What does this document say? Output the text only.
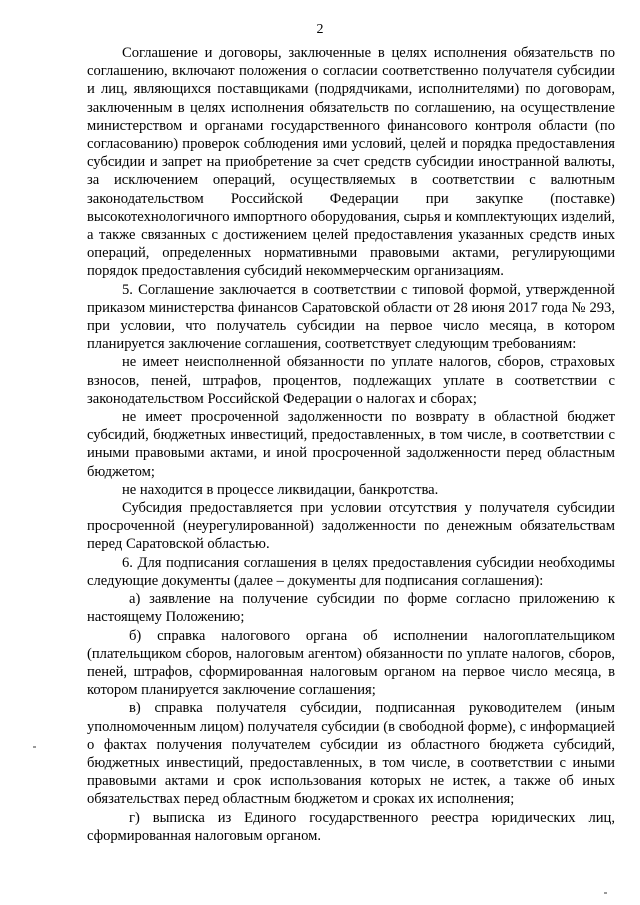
2

Соглашение и договоры, заключенные в целях исполнения обязательств по соглашению, включают положения о согласии соответственно получателя субсидии и лиц, являющихся поставщиками (подрядчиками, исполнителями) по договорам, заключенным в целях исполнения обязательств по соглашению, на осуществление министерством и органами государственного финансового контроля области (по согласованию) проверок соблюдения ими условий, целей и порядка предоставления субсидии и запрет на приобретение за счет средств субсидии иностранной валюты, за исключением операций, осуществляемых в соответствии с валютным законодательством Российской Федерации при закупке (поставке) высокотехнологичного импортного оборудования, сырья и комплектующих изделий, а также связанных с достижением целей предоставления указанных средств иных операций, определенных нормативными правовыми актами, регулирующими порядок предоставления субсидий некоммерческим организациям.

5. Соглашение заключается в соответствии с типовой формой, утвержденной приказом министерства финансов Саратовской области от 28 июня 2017 года № 293, при условии, что получатель субсидии на первое число месяца, в котором планируется заключение соглашения, соответствует следующим требованиям:

не имеет неисполненной обязанности по уплате налогов, сборов, страховых взносов, пеней, штрафов, процентов, подлежащих уплате в соответствии с законодательством Российской Федерации о налогах и сборах;

не имеет просроченной задолженности по возврату в областной бюджет субсидий, бюджетных инвестиций, предоставленных, в том числе, в соответствии с иными правовыми актами, и иной просроченной задолженности перед областным бюджетом;

не находится в процессе ликвидации, банкротства.

Субсидия предоставляется при условии отсутствия у получателя субсидии просроченной (неурегулированной) задолженности по денежным обязательствам перед Саратовской областью.

6. Для подписания соглашения в целях предоставления субсидии необходимы следующие документы (далее – документы для подписания соглашения):

а) заявление на получение субсидии по форме согласно приложению к настоящему Положению;

б) справка налогового органа об исполнении налогоплательщиком (плательщиком сборов, налоговым агентом) обязанности по уплате налогов, сборов, пеней, штрафов, сформированная налоговым органом на первое число месяца, в котором планируется заключение соглашения;

в) справка получателя субсидии, подписанная руководителем (иным уполномоченным лицом) получателя субсидии (в свободной форме), с информацией о фактах получения получателем субсидии из областного бюджета субсидий, бюджетных инвестиций, предоставленных, в том числе, в соответствии с иными правовыми актами и срок использования которых не истек, а также об иных обязательствах перед областным бюджетом и сроках их исполнения;

г) выписка из Единого государственного реестра юридических лиц, сформированная налоговым органом.
